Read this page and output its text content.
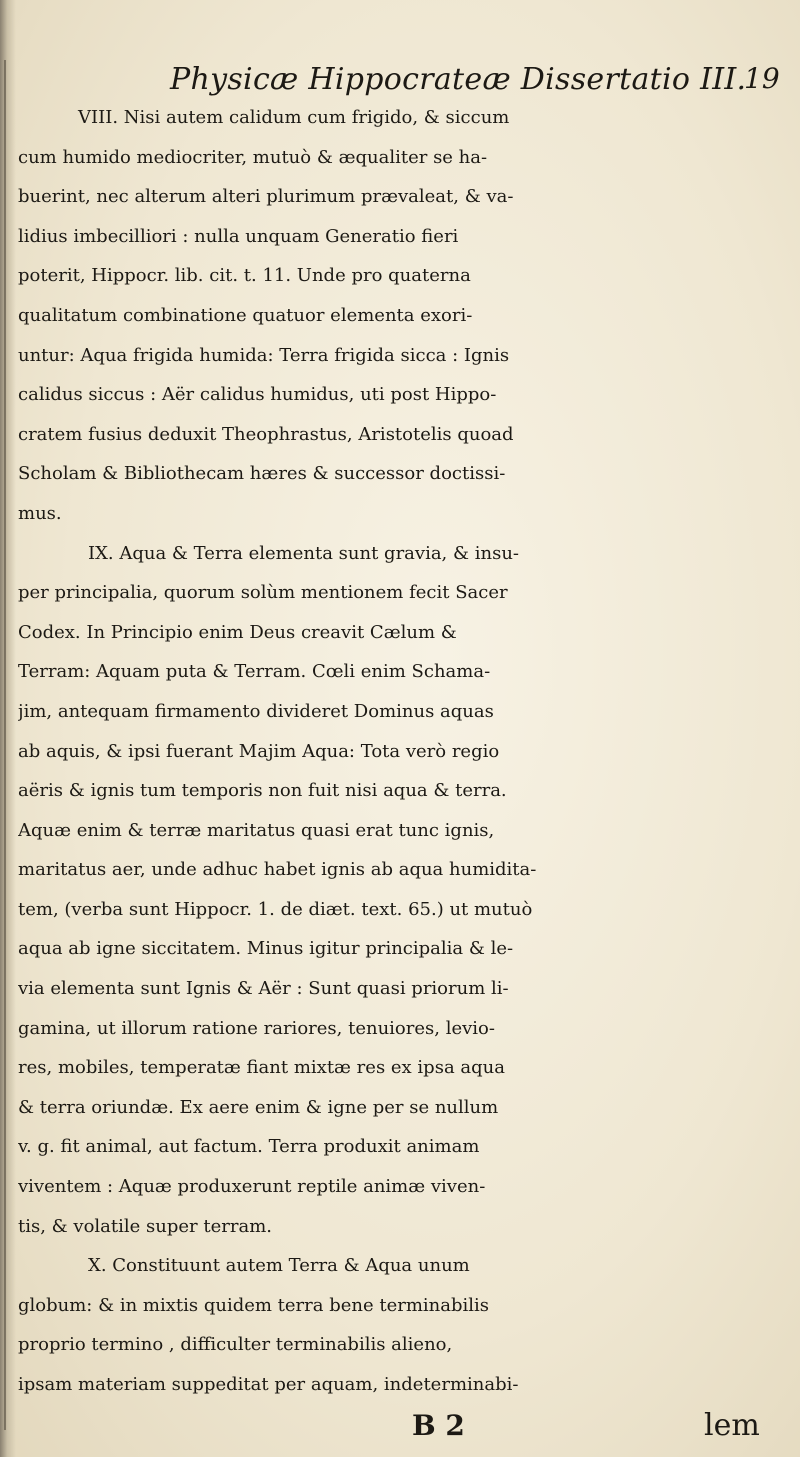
Physicæ Hippocrateæ Dissertatio III.
19
VIII. Nisi autem calidum cum frigido, & siccum
cum humido mediocriter, mutuò & æqualiter se ha-
buerint, nec alterum alteri plurimum prævaleat, & va-
lidius imbecilliori : nulla unquam Generatio fieri
poterit, Hippocr. lib. cit. t. 11. Unde pro quaterna
qualitatum combinatione quatuor elementa exori-
untur: Aqua frigida humida: Terra frigida sicca : Ignis
calidus siccus : Aër calidus humidus, uti post Hippo-
cratem fusius deduxit Theophrastus, Aristotelis quoad
Scholam & Bibliothecam hæres & successor doctissi-
mus.
IX. Aqua & Terra elementa sunt gravia, & insu-
per principalia, quorum solùm mentionem fecit Sacer
Codex. In Principio enim Deus creavit Cælum &
Terram: Aquam puta & Terram. Cœli enim Schama-
jim, antequam firmamento divideret Dominus aquas
ab aquis, & ipsi fuerant Majim Aqua: Tota verò regio
aëris & ignis tum temporis non fuit nisi aqua & terra.
Aquæ enim & terræ maritatus quasi erat tunc ignis,
maritatus aer, unde adhuc habet ignis ab aqua humidita-
tem, (verba sunt Hippocr. 1. de diæt. text. 65.) ut mutuò
aqua ab igne siccitatem. Minus igitur principalia & le-
via elementa sunt Ignis & Aër : Sunt quasi priorum li-
gamina, ut illorum ratione rariores, tenuiores, levio-
res, mobiles, temperatæ fiant mixtæ res ex ipsa aqua
& terra oriundæ. Ex aere enim & igne per se nullum
v. g. fit animal, aut factum. Terra produxit animam
viventem : Aquæ produxerunt reptile animæ viven-
tis, & volatile super terram.
X. Constituunt autem Terra & Aqua unum
globum: & in mixtis quidem terra bene terminabilis
proprio termino , difficulter terminabilis alieno,
ipsam materiam suppeditat per aquam, indeterminabi-
B 2	lem
